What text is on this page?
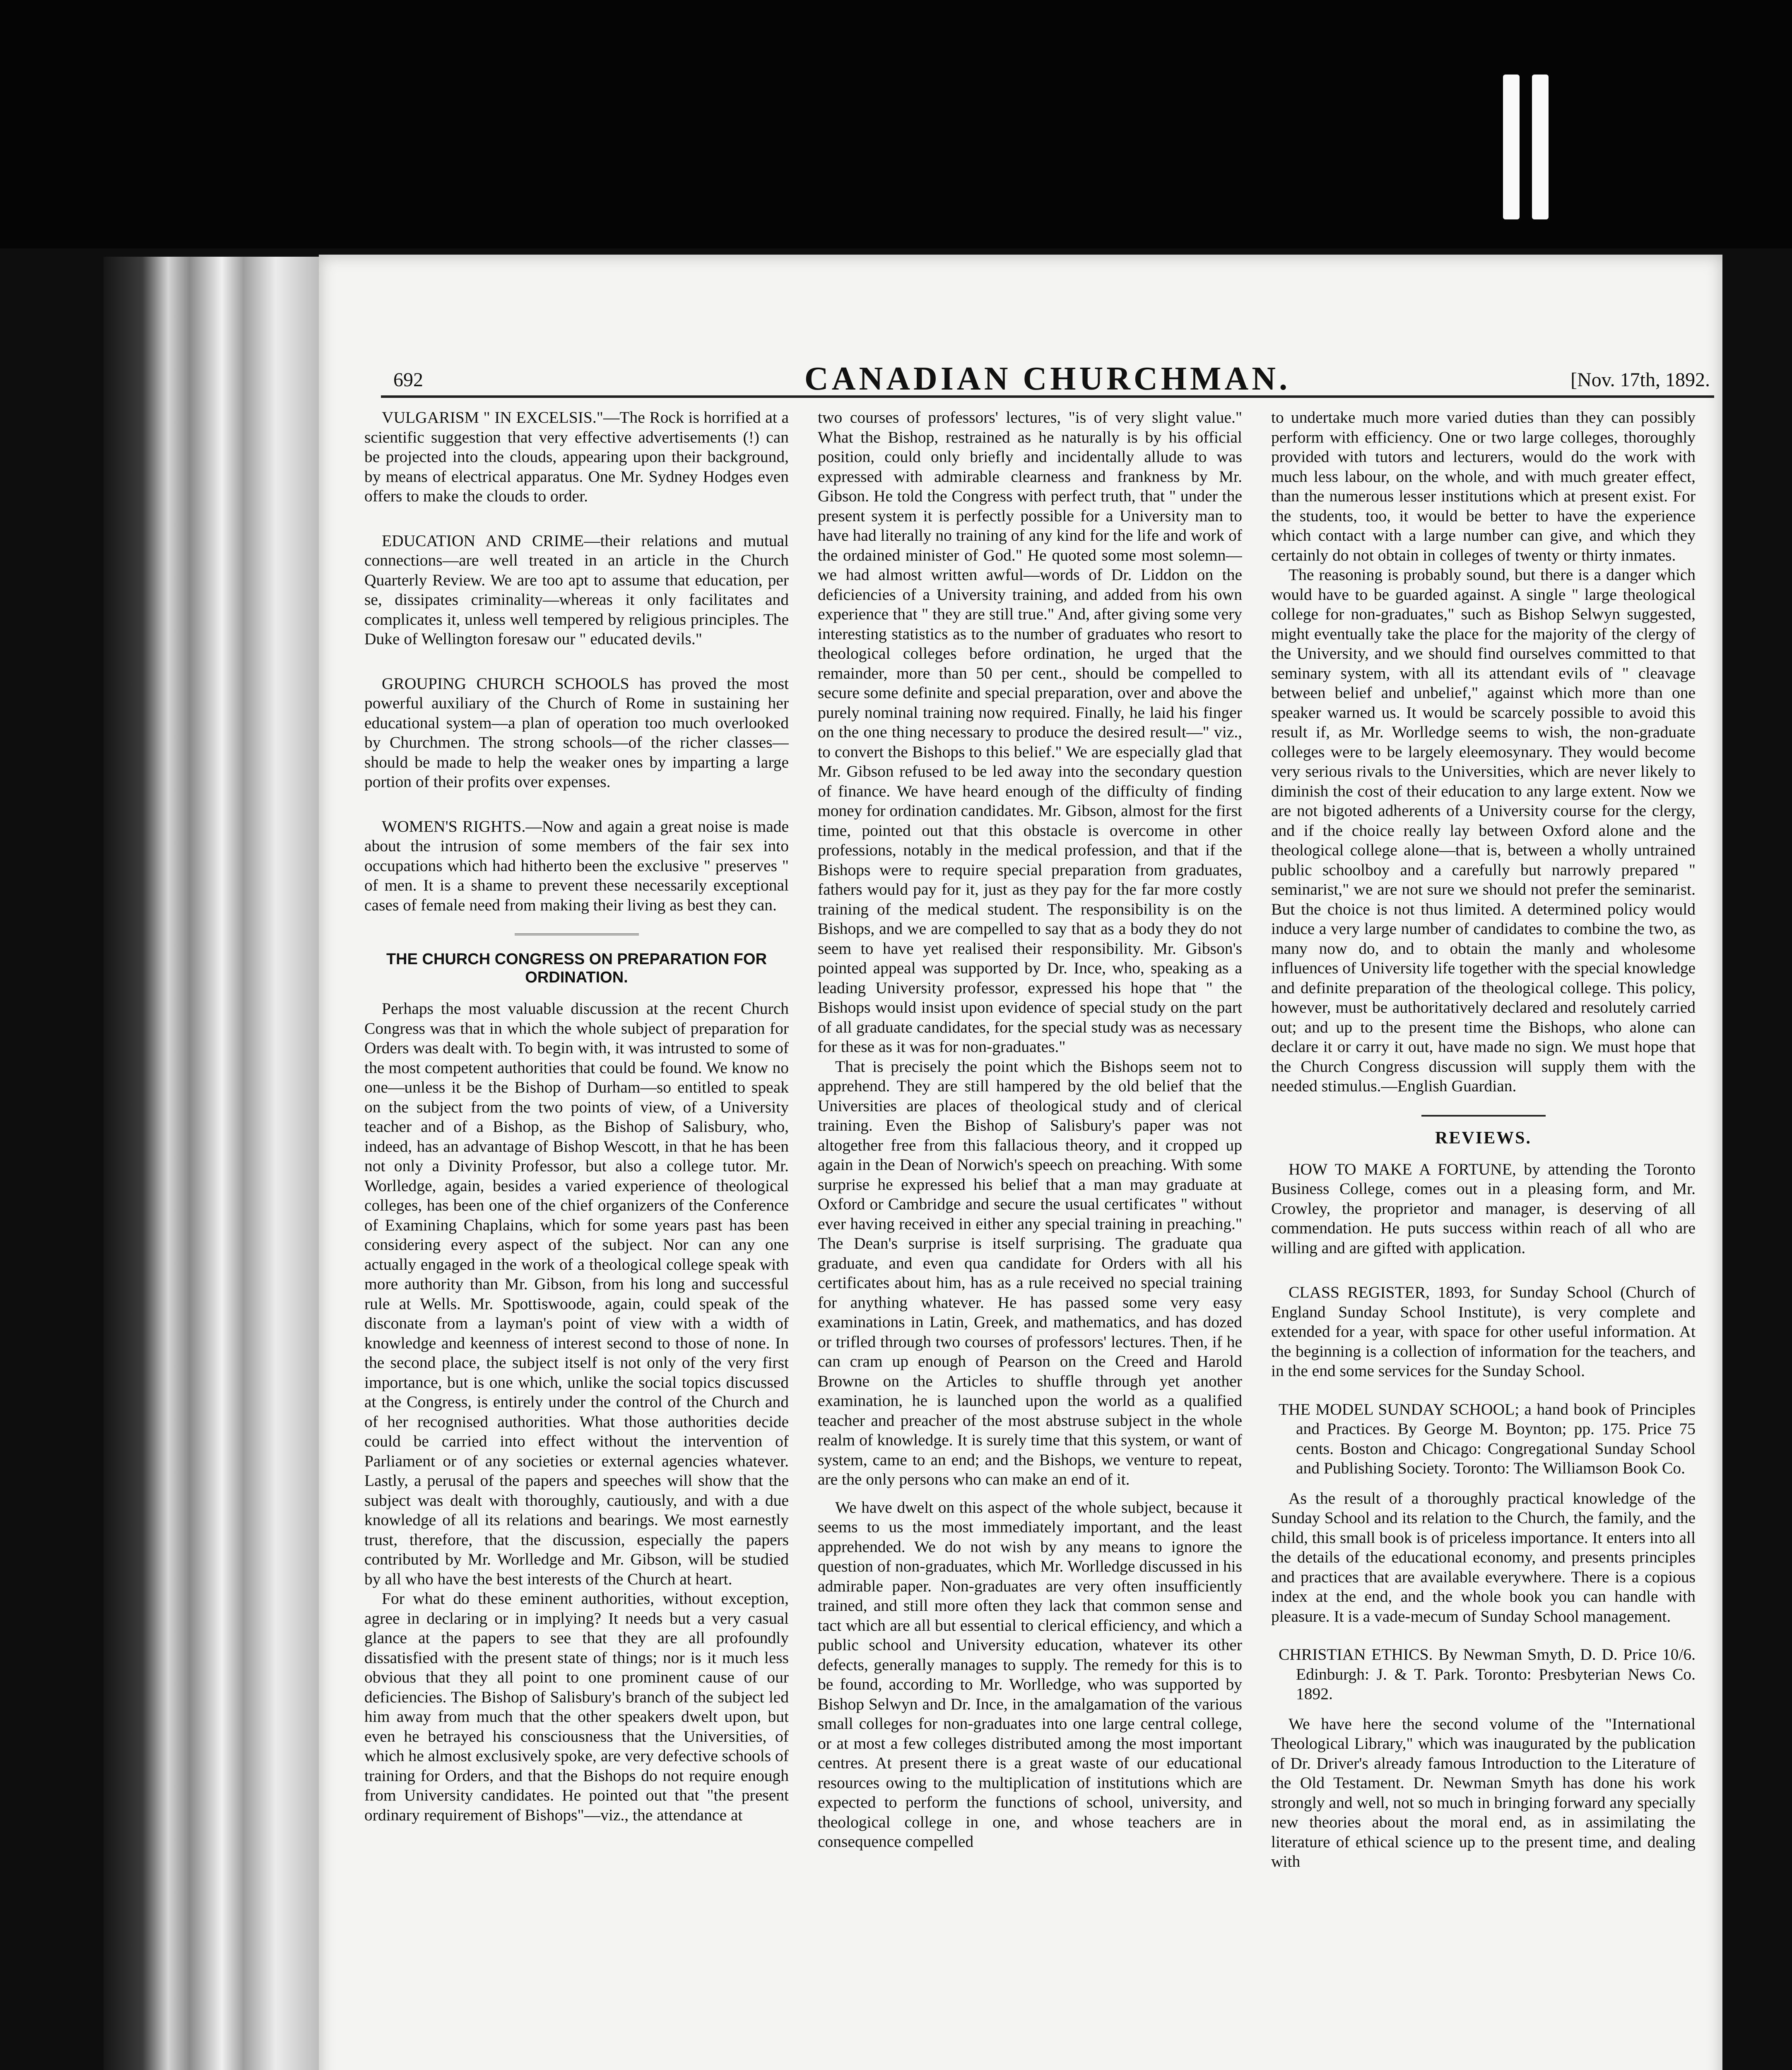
692	CANADIAN CHURCHMAN.	[Nov. 17th, 1892.

VULGARISM " IN EXCELSIS."—The Rock is horrified at a scientific suggestion that very effective advertisements (!) can be projected into the clouds, appearing upon their background, by means of electrical apparatus. One Mr. Sydney Hodges even offers to make the clouds to order.

EDUCATION AND CRIME—their relations and mutual connections—are well treated in an article in the Church Quarterly Review. We are too apt to assume that education, per se, dissipates criminality—whereas it only facilitates and complicates it, unless well tempered by religious principles. The Duke of Wellington foresaw our " educated devils."

GROUPING CHURCH SCHOOLS has proved the most powerful auxiliary of the Church of Rome in sustaining her educational system—a plan of operation too much overlooked by Churchmen. The strong schools—of the richer classes—should be made to help the weaker ones by imparting a large portion of their profits over expenses.

WOMEN'S RIGHTS.—Now and again a great noise is made about the intrusion of some members of the fair sex into occupations which had hitherto been the exclusive " preserves " of men. It is a shame to prevent these necessarily exceptional cases of female need from making their living as best they can.

THE CHURCH CONGRESS ON PREPARATION FOR ORDINATION.

Perhaps the most valuable discussion at the recent Church Congress was that in which the whole subject of preparation for Orders was dealt with. To begin with, it was intrusted to some of the most competent authorities that could be found. We know no one—unless it be the Bishop of Durham—so entitled to speak on the subject from the two points of view, of a University teacher and of a Bishop, as the Bishop of Salisbury, who, indeed, has an advantage of Bishop Wescott, in that he has been not only a Divinity Professor, but also a college tutor. Mr. Worlledge, again, besides a varied experience of theological colleges, has been one of the chief organizers of the Conference of Examining Chaplains, which for some years past has been considering every aspect of the subject. Nor can any one actually engaged in the work of a theological college speak with more authority than Mr. Gibson, from his long and successful rule at Wells. Mr. Spottiswoode, again, could speak of the disconate from a layman's point of view with a width of knowledge and keenness of interest second to those of none. In the second place, the subject itself is not only of the very first importance, but is one which, unlike the social topics discussed at the Congress, is entirely under the control of the Church and of her recognised authorities. What those authorities decide could be carried into effect without the intervention of Parliament or of any societies or external agencies whatever. Lastly, a perusal of the papers and speeches will show that the subject was dealt with thoroughly, cautiously, and with a due knowledge of all its relations and bearings. We most earnestly trust, therefore, that the discussion, especially the papers contributed by Mr. Worlledge and Mr. Gibson, will be studied by all who have the best interests of the Church at heart.

For what do these eminent authorities, without exception, agree in declaring or in implying? It needs but a very casual glance at the papers to see that they are all profoundly dissatisfied with the present state of things; nor is it much less obvious that they all point to one prominent cause of our deficiencies. The Bishop of Salisbury's branch of the subject led him away from much that the other speakers dwelt upon, but even he betrayed his consciousness that the Universities, of which he almost exclusively spoke, are very defective schools of training for Orders, and that the Bishops do not require enough from University candidates. He pointed out that "the present ordinary requirement of Bishops"—viz., the attendance at

two courses of professors' lectures, "is of very slight value." What the Bishop, restrained as he naturally is by his official position, could only briefly and incidentally allude to was expressed with admirable clearness and frankness by Mr. Gibson. He told the Congress with perfect truth, that " under the present system it is perfectly possible for a University man to have had literally no training of any kind for the life and work of the ordained minister of God." He quoted some most solemn—we had almost written awful—words of Dr. Liddon on the deficiencies of a University training, and added from his own experience that " they are still true." And, after giving some very interesting statistics as to the number of graduates who resort to theological colleges before ordination, he urged that the remainder, more than 50 per cent., should be compelled to secure some definite and special preparation, over and above the purely nominal training now required. Finally, he laid his finger on the one thing necessary to produce the desired result—" viz., to convert the Bishops to this belief." We are especially glad that Mr. Gibson refused to be led away into the secondary question of finance. We have heard enough of the difficulty of finding money for ordination candidates. Mr. Gibson, almost for the first time, pointed out that this obstacle is overcome in other professions, notably in the medical profession, and that if the Bishops were to require special preparation from graduates, fathers would pay for it, just as they pay for the far more costly training of the medical student. The responsibility is on the Bishops, and we are compelled to say that as a body they do not seem to have yet realised their responsibility. Mr. Gibson's pointed appeal was supported by Dr. Ince, who, speaking as a leading University professor, expressed his hope that " the Bishops would insist upon evidence of special study on the part of all graduate candidates, for the special study was as necessary for these as it was for non-graduates."

That is precisely the point which the Bishops seem not to apprehend. They are still hampered by the old belief that the Universities are places of theological study and of clerical training. Even the Bishop of Salisbury's paper was not altogether free from this fallacious theory, and it cropped up again in the Dean of Norwich's speech on preaching. With some surprise he expressed his belief that a man may graduate at Oxford or Cambridge and secure the usual certificates " without ever having received in either any special training in preaching." The Dean's surprise is itself surprising. The graduate qua graduate, and even qua candidate for Orders with all his certificates about him, has as a rule received no special training for anything whatever. He has passed some very easy examinations in Latin, Greek, and mathematics, and has dozed or trifled through two courses of professors' lectures. Then, if he can cram up enough of Pearson on the Creed and Harold Browne on the Articles to shuffle through yet another examination, he is launched upon the world as a qualified teacher and preacher of the most abstruse subject in the whole realm of knowledge. It is surely time that this system, or want of system, came to an end; and the Bishops, we venture to repeat, are the only persons who can make an end of it.

We have dwelt on this aspect of the whole subject, because it seems to us the most immediately important, and the least apprehended. We do not wish by any means to ignore the question of non-graduates, which Mr. Worlledge discussed in his admirable paper. Non-graduates are very often insufficiently trained, and still more often they lack that common sense and tact which are all but essential to clerical efficiency, and which a public school and University education, whatever its other defects, generally manages to supply. The remedy for this is to be found, according to Mr. Worlledge, who was supported by Bishop Selwyn and Dr. Ince, in the amalgamation of the various small colleges for non-graduates into one large central college, or at most a few colleges distributed among the most important centres. At present there is a great waste of our educational resources owing to the multiplication of institutions which are expected to perform the functions of school, university, and theological college in one, and whose teachers are in consequence compelled

to undertake much more varied duties than they can possibly perform with efficiency. One or two large colleges, thoroughly provided with tutors and lecturers, would do the work with much less labour, on the whole, and with much greater effect, than the numerous lesser institutions which at present exist. For the students, too, it would be better to have the experience which contact with a large number can give, and which they certainly do not obtain in colleges of twenty or thirty inmates.

The reasoning is probably sound, but there is a danger which would have to be guarded against. A single " large theological college for non-graduates," such as Bishop Selwyn suggested, might eventually take the place for the majority of the clergy of the University, and we should find ourselves committed to that seminary system, with all its attendant evils of " cleavage between belief and unbelief," against which more than one speaker warned us. It would be scarcely possible to avoid this result if, as Mr. Worlledge seems to wish, the non-graduate colleges were to be largely eleemosynary. They would become very serious rivals to the Universities, which are never likely to diminish the cost of their education to any large extent. Now we are not bigoted adherents of a University course for the clergy, and if the choice really lay between Oxford alone and the theological college alone—that is, between a wholly untrained public schoolboy and a carefully but narrowly prepared " seminarist," we are not sure we should not prefer the seminarist. But the choice is not thus limited. A determined policy would induce a very large number of candidates to combine the two, as many now do, and to obtain the manly and wholesome influences of University life together with the special knowledge and definite preparation of the theological college. This policy, however, must be authoritatively declared and resolutely carried out; and up to the present time the Bishops, who alone can declare it or carry it out, have made no sign. We must hope that the Church Congress discussion will supply them with the needed stimulus.—English Guardian.

REVIEWS.

HOW TO MAKE A FORTUNE, by attending the Toronto Business College, comes out in a pleasing form, and Mr. Crowley, the proprietor and manager, is deserving of all commendation. He puts success within reach of all who are willing and are gifted with application.

CLASS REGISTER, 1893, for Sunday School (Church of England Sunday School Institute), is very complete and extended for a year, with space for other useful information. At the beginning is a collection of information for the teachers, and in the end some services for the Sunday School.

THE MODEL SUNDAY SCHOOL; a hand book of Principles and Practices. By George M. Boynton; pp. 175. Price 75 cents. Boston and Chicago: Congregational Sunday School and Publishing Society. Toronto: The Williamson Book Co.

As the result of a thoroughly practical knowledge of the Sunday School and its relation to the Church, the family, and the child, this small book is of priceless importance. It enters into all the details of the educational economy, and presents principles and practices that are available everywhere. There is a copious index at the end, and the whole book you can handle with pleasure. It is a vade-mecum of Sunday School management.

CHRISTIAN ETHICS. By Newman Smyth, D. D. Price 10/6. Edinburgh: J. & T. Park. Toronto: Presbyterian News Co. 1892.

We have here the second volume of the "International Theological Library," which was inaugurated by the publication of Dr. Driver's already famous Introduction to the Literature of the Old Testament. Dr. Newman Smyth has done his work strongly and well, not so much in bringing forward any specially new theories about the moral end, as in assimilating the literature of ethical science up to the present time, and dealing with
